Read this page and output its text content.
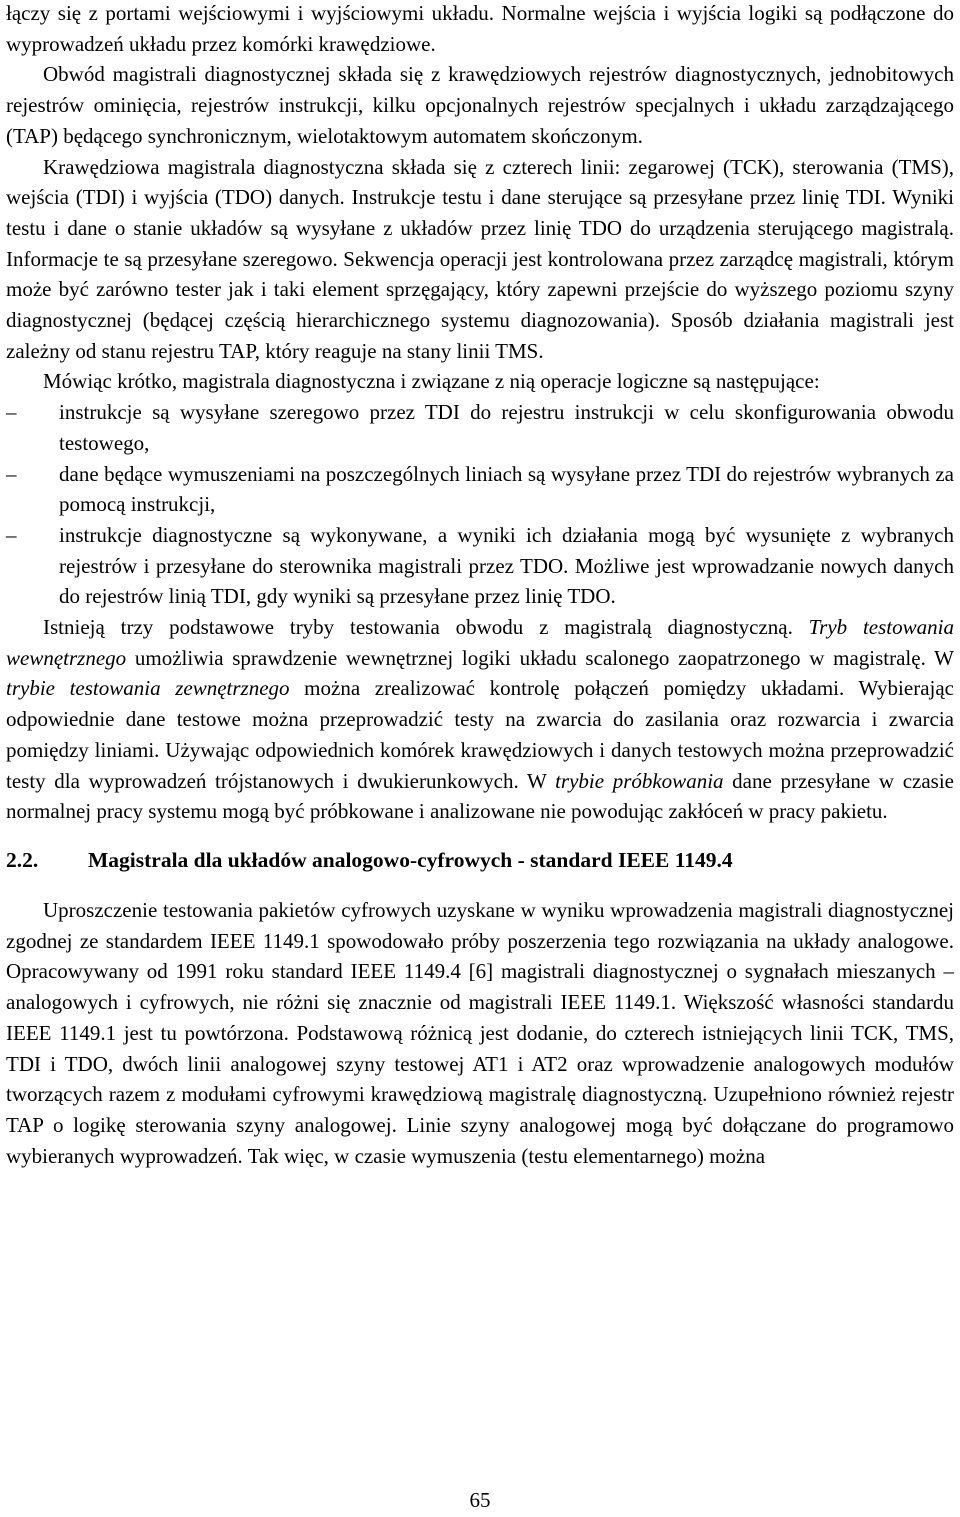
łączy się z portami wejściowymi i wyjściowymi układu. Normalne wejścia i wyjścia logiki są podłączone do wyprowadzeń układu przez komórki krawędziowe.

Obwód magistrali diagnostycznej składa się z krawędziowych rejestrów diagnostycznych, jednobitowych rejestrów ominięcia, rejestrów instrukcji, kilku opcjonalnych rejestrów specjalnych i układu zarządzającego (TAP) będącego synchronicznym, wielotaktowym automatem skończonym.

Krawędziowa magistrala diagnostyczna składa się z czterech linii: zegarowej (TCK), sterowania (TMS), wejścia (TDI) i wyjścia (TDO) danych. Instrukcje testu i dane sterujące są przesyłane przez linię TDI. Wyniki testu i dane o stanie układów są wysyłane z układów przez linię TDO do urządzenia sterującego magistralą. Informacje te są przesyłane szeregowo. Sekwencja operacji jest kontrolowana przez zarządcę magistrali, którym może być zarówno tester jak i taki element sprzęgający, który zapewni przejście do wyższego poziomu szyny diagnostycznej (będącej częścią hierarchicznego systemu diagnozowania). Sposób działania magistrali jest zależny od stanu rejestru TAP, który reaguje na stany linii TMS.

Mówiąc krótko, magistrala diagnostyczna i związane z nią operacje logiczne są następujące:

–	instrukcje są wysyłane szeregowo przez TDI do rejestru instrukcji w celu skonfigurowania obwodu testowego,
–	dane będące wymuszeniami na poszczególnych liniach są wysyłane przez TDI do rejestrów wybranych za pomocą instrukcji,
–	instrukcje diagnostyczne są wykonywane, a wyniki ich działania mogą być wysunięte z wybranych rejestrów i przesyłane do sterownika magistrali przez TDO. Możliwe jest wprowadzanie nowych danych do rejestrów linią TDI, gdy wyniki są przesyłane przez linię TDO.

Istnieją trzy podstawowe tryby testowania obwodu z magistralą diagnostyczną. Tryb testowania wewnętrznego umożliwia sprawdzenie wewnętrznej logiki układu scalonego zaopatrzonego w magistralę. W trybie testowania zewnętrznego można zrealizować kontrolę połączeń pomiędzy układami. Wybierając odpowiednie dane testowe można przeprowadzić testy na zwarcia do zasilania oraz rozwarcia i zwarcia pomiędzy liniami. Używając odpowiednich komórek krawędziowych i danych testowych można przeprowadzić testy dla wyprowadzeń trójstanowych i dwukierunkowych. W trybie próbkowania dane przesyłane w czasie normalnej pracy systemu mogą być próbkowane i analizowane nie powodując zakłóceń w pracy pakietu.

2.2. Magistrala dla układów analogowo-cyfrowych - standard IEEE 1149.4

Uproszczenie testowania pakietów cyfrowych uzyskane w wyniku wprowadzenia magistrali diagnostycznej zgodnej ze standardem IEEE 1149.1 spowodowało próby poszerzenia tego rozwiązania na układy analogowe. Opracowywany od 1991 roku standard IEEE 1149.4 [6] magistrali diagnostycznej o sygnałach mieszanych – analogowych i cyfrowych, nie różni się znacznie od magistrali IEEE 1149.1. Większość własności standardu IEEE 1149.1 jest tu powtórzona. Podstawową różnicą jest dodanie, do czterech istniejących linii TCK, TMS, TDI i TDO, dwóch linii analogowej szyny testowej AT1 i AT2 oraz wprowadzenie analogowych modułów tworzących razem z modułami cyfrowymi krawędziową magistralę diagnostyczną. Uzupełniono również rejestr TAP o logikę sterowania szyny analogowej. Linie szyny analogowej mogą być dołączane do programowo wybieranych wyprowadzeń. Tak więc, w czasie wymuszenia (testu elementarnego) można

65
